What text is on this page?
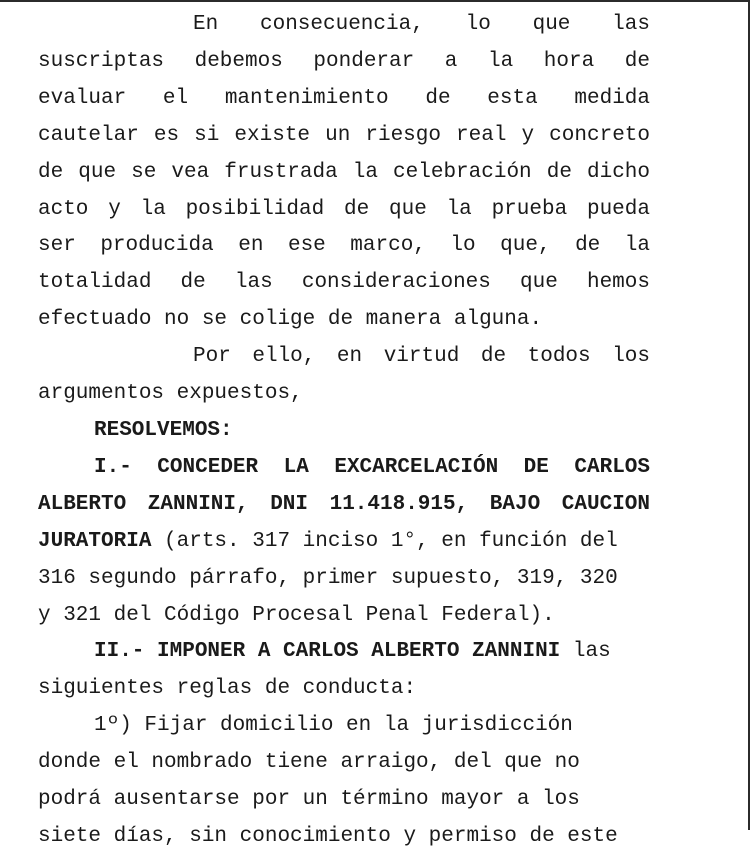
En consecuencia, lo que las

suscriptas debemos ponderar a la hora de

evaluar el mantenimiento de esta medida

cautelar es si existe un riesgo real y concreto

de que se vea frustrada la celebración de dicho

acto y la posibilidad de que la prueba pueda

ser producida en ese marco, lo que, de la

totalidad de las consideraciones que hemos

efectuado no se colige de manera alguna.

Por ello, en virtud de todos los

argumentos expuestos,

RESOLVEMOS:

I.- CONCEDER LA EXCARCELACIÓN DE CARLOS

ALBERTO ZANNINI, DNI 11.418.915, BAJO CAUCION

JURATORIA (arts. 317 inciso 1°, en función del

316 segundo párrafo, primer supuesto, 319, 320

y 321 del Código Procesal Penal Federal).

II.- IMPONER A CARLOS ALBERTO ZANNINI las

siguientes reglas de conducta:

1º) Fijar domicilio en la jurisdicción

donde el nombrado tiene arraigo, del que no

podrá ausentarse por un término mayor a los

siete días, sin conocimiento y permiso de este
